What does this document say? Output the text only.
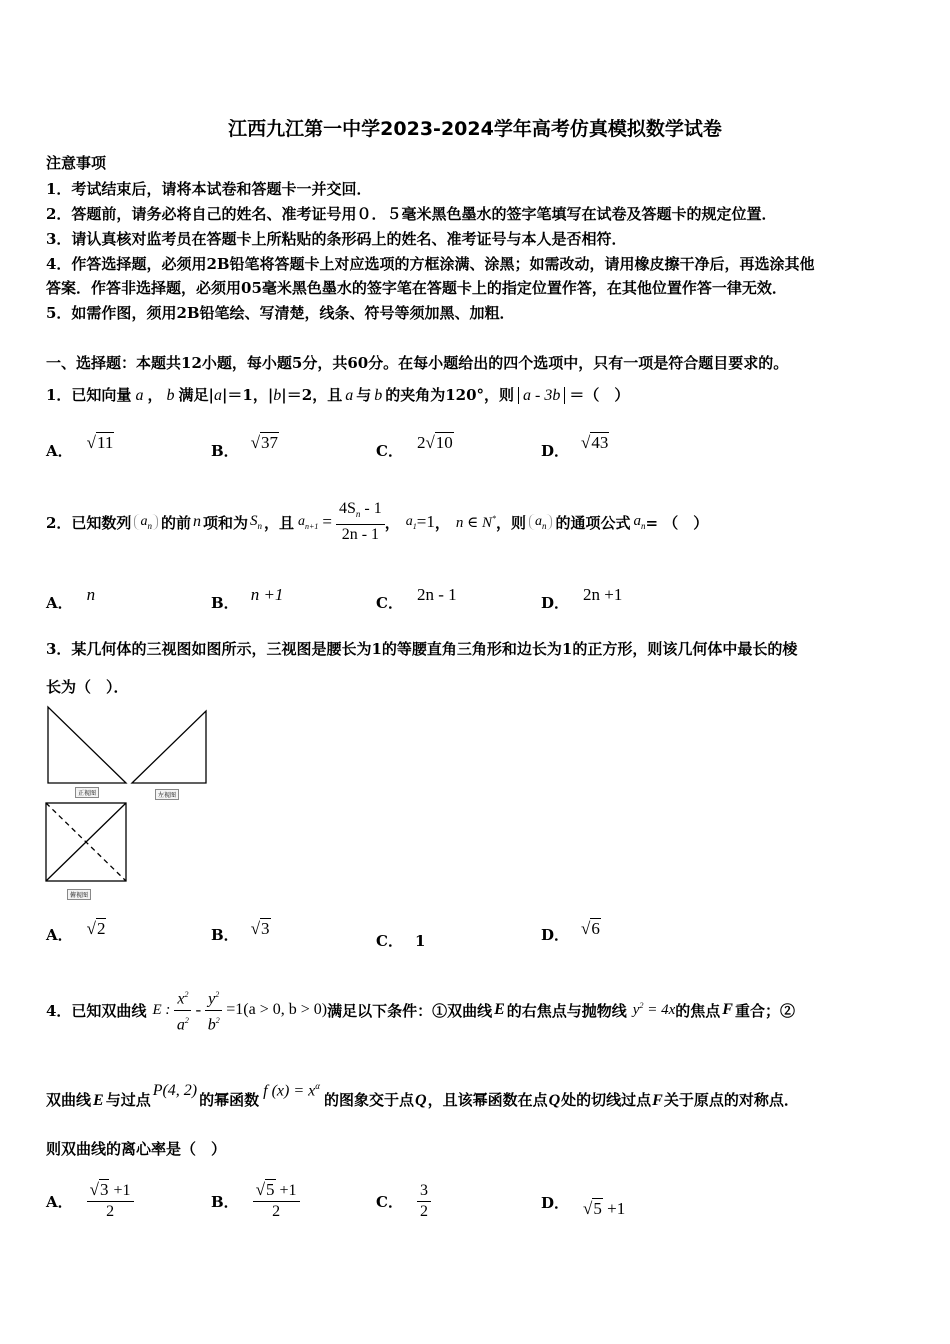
江西九江第一中学2023-2024学年高考仿真模拟数学试卷
注意事项
1．考试结束后，请将本试卷和答题卡一并交回．
2．答题前，请务必将自己的姓名、准考证号用０．５毫米黑色墨水的签字笔填写在试卷及答题卡的规定位置．
3．请认真核对监考员在答题卡上所粘贴的条形码上的姓名、准考证号与本人是否相符．
4．作答选择题，必须用2B铅笔将答题卡上对应选项的方框涂满、涂黑；如需改动，请用橡皮擦干净后，再选涂其他
答案．作答非选择题，必须用05毫米黑色墨水的签字笔在答题卡上的指定位置作答，在其他位置作答一律无效．
5．如需作图，须用2B铅笔绘、写清楚，线条、符号等须加黑、加粗．
一、选择题：本题共12小题，每小题5分，共60分。在每小题给出的四个选项中，只有一项是符合题目要求的。
1．已知向量 a ， b 满足|a|＝1，|b|＝2，且 a 与 b 的夹角为120°，则 a - 3b ＝（　）
A． √11	B． √37	C． 2√10	D． √43
2．已知数列 $a_n$ 的前 n 项和为 $S_n$ ，且 $a_{n+1} = \frac{4S_n - 1}{2n - 1}$ ， $a_1 =1$ ， n ∈ N* ，则 $a_n$ 的通项公式 $a_n$ = （　）
A． n	B． n +1	C． 2n - 1	D． 2n +1
3．某几何体的三视图如图所示，三视图是腰长为1的等腰直角三角形和边长为1的正方形，则该几何体中最长的棱
长为（　）．
正视图	左视图
俯视图
A． √2	B． √3
C． 1	D． √6
4．已知双曲线 E : $\frac{x^2}{a^2} - \frac{y^2}{b^2} =1(a > 0$, b > 0) 满足以下条件：①双曲线 E 的右焦点与抛物线 $y^2 = 4x$ 的焦点 F 重合；②
双曲线 E 与过点
P(4, 2)
的幂函数
f $(x) = x^\alpha$
的图象交于点 Q ，且该幂函数在点 Q 处的切线过点 F 关于原点的对称点．
则双曲线的离心率是（　）
A． $\frac{√3 +1}{2}$	B． $\frac{√5 +1}{2}$	C． $\frac{3}{2}$	D． √5 +1
